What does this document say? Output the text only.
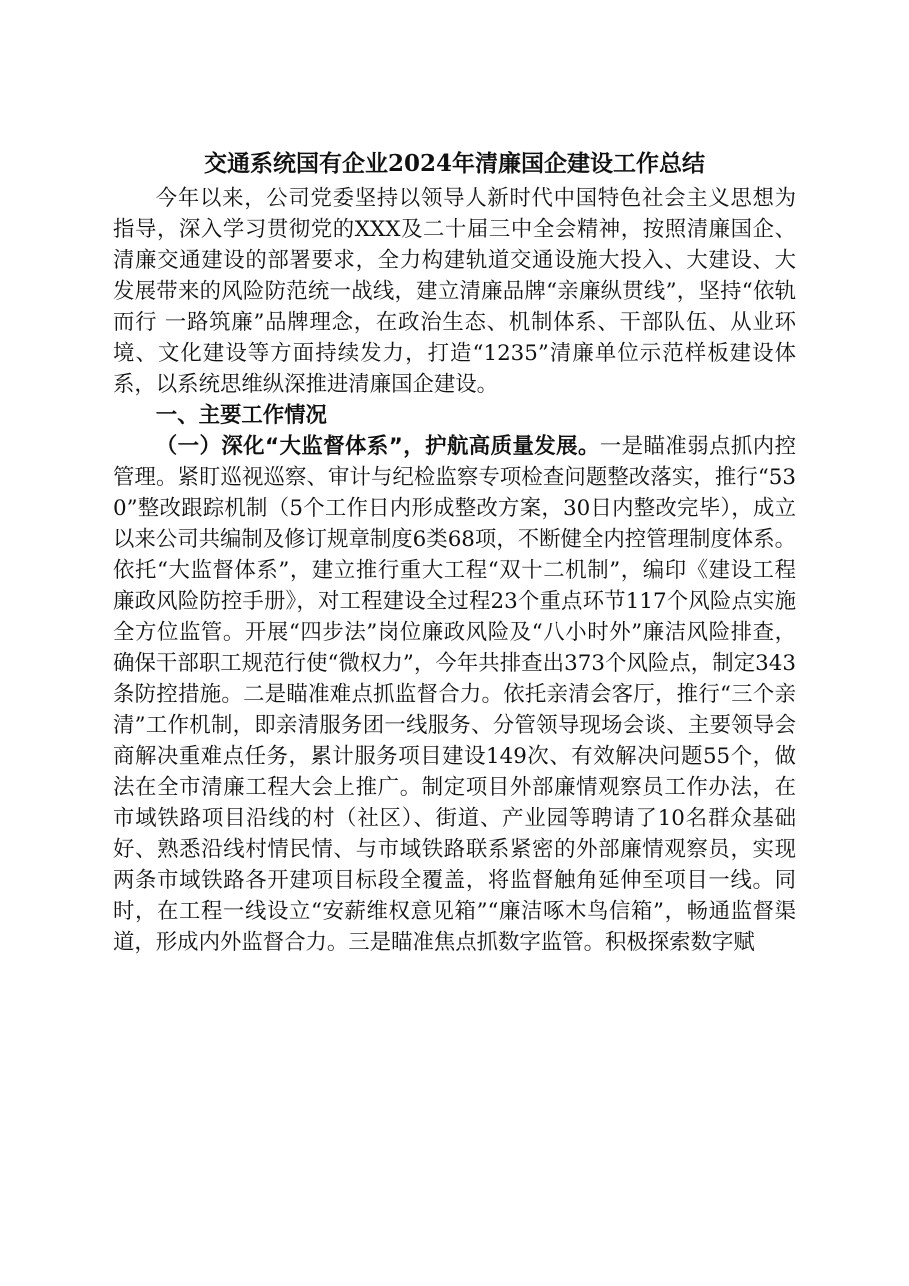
交通系统国有企业2024年清廉国企建设工作总结

今年以来，公司党委坚持以领导人新时代中国特色社会主义思想为指导，深入学习贯彻党的XXX及二十届三中全会精神，按照清廉国企、清廉交通建设的部署要求，全力构建轨道交通设施大投入、大建设、大发展带来的风险防范统一战线，建立清廉品牌“亲廉纵贯线”，坚持“依轨而行 一路筑廉”品牌理念，在政治生态、机制体系、干部队伍、从业环境、文化建设等方面持续发力，打造“1235”清廉单位示范样板建设体系，以系统思维纵深推进清廉国企建设。

一、主要工作情况

（一）深化“大监督体系”，护航高质量发展。一是瞄准弱点抓内控管理。紧盯巡视巡察、审计与纪检监察专项检查问题整改落实，推行“530”整改跟踪机制（5个工作日内形成整改方案，30日内整改完毕），成立以来公司共编制及修订规章制度6类68项，不断健全内控管理制度体系。依托“大监督体系”，建立推行重大工程“双十二机制”，编印《建设工程廉政风险防控手册》，对工程建设全过程23个重点环节117个风险点实施全方位监管。开展“四步法”岗位廉政风险及“八小时外”廉洁风险排查，确保干部职工规范行使“微权力”，今年共排查出373个风险点，制定343条防控措施。二是瞄准难点抓监督合力。依托亲清会客厅，推行“三个亲清”工作机制，即亲清服务团一线服务、分管领导现场会谈、主要领导会商解决重难点任务，累计服务项目建设149次、有效解决问题55个，做法在全市清廉工程大会上推广。制定项目外部廉情观察员工作办法，在市域铁路项目沿线的村（社区）、街道、产业园等聘请了10名群众基础好、熟悉沿线村情民情、与市域铁路联系紧密的外部廉情观察员，实现两条市域铁路各开建项目标段全覆盖，将监督触角延伸至项目一线。同时，在工程一线设立“安薪维权意见箱”“廉洁啄木鸟信箱”，畅通监督渠道，形成内外监督合力。三是瞄准焦点抓数字监管。积极探索数字赋
